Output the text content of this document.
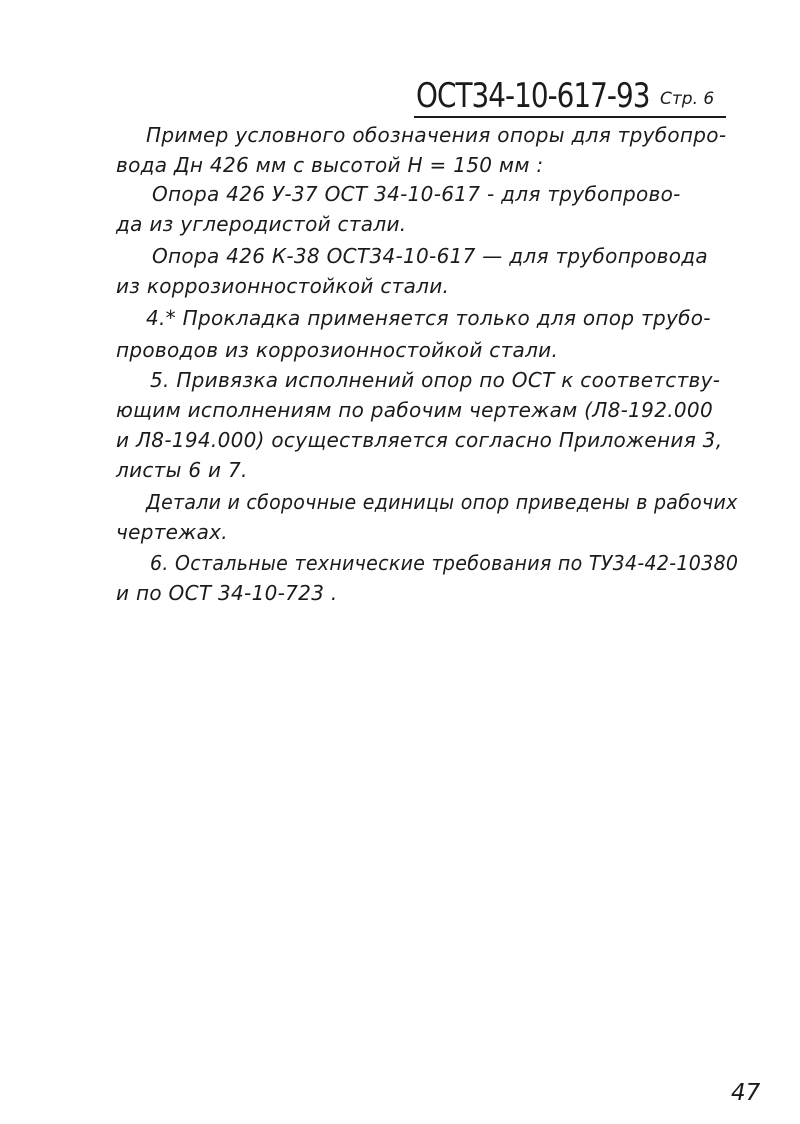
ОСТ34-10-617-93 Стр. 6
Пример условного обозначения опоры для трубопро-
вода Дн 426 мм с высотой Н = 150 мм :
Опора 426 У-37 ОСТ 34-10-617 - для трубопрово-
да из углеродистой стали.
Опора 426 К-38 ОСТ34-10-617 — для трубопровода
из коррозионностойкой стали.
4.* Прокладка применяется только для опор трубо-
проводов из коррозионностойкой стали.
5. Привязка исполнений опор по ОСТ к соответству-
ющим исполнениям по рабочим чертежам (Л8-192.000
и Л8-194.000) осуществляется согласно Приложения 3,
листы 6 и 7.
Детали и сборочные единицы опор приведены в рабочих
чертежах.
6. Остальные технические требования по ТУ34-42-10380
и по ОСТ 34-10-723 .
47
